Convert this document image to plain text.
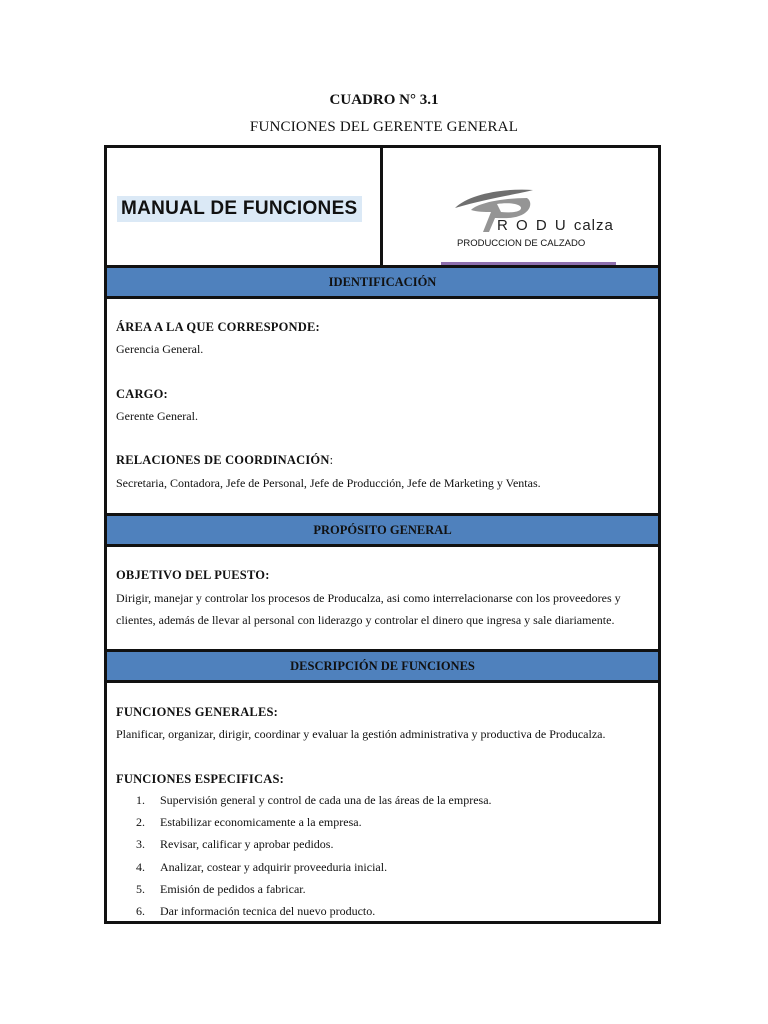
CUADRO N° 3.1
FUNCIONES DEL GERENTE GENERAL
MANUAL DE FUNCIONES
R O D U calza
PRODUCCION DE CALZADO
IDENTIFICACIÓN
ÁREA A LA QUE CORRESPONDE:
Gerencia General.
CARGO:
Gerente General.
RELACIONES DE COORDINACIÓN:
Secretaria, Contadora, Jefe de Personal, Jefe de Producción, Jefe de Marketing y Ventas.
PROPÓSITO GENERAL
OBJETIVO DEL PUESTO:
Dirigir, manejar y controlar los procesos de Producalza, asi como interrelacionarse con los proveedores y
clientes, además de llevar al personal con liderazgo y controlar el dinero que ingresa y sale diariamente.
DESCRIPCIÓN DE FUNCIONES
FUNCIONES GENERALES:
Planificar, organizar, dirigir, coordinar y evaluar la gestión administrativa y productiva de Producalza.
FUNCIONES ESPECIFICAS:
1. Supervisión general y control de cada una de las áreas de la empresa.
2. Estabilizar economicamente a la empresa.
3. Revisar, calificar y aprobar pedidos.
4. Analizar, costear y adquirir proveeduria inicial.
5. Emisión de pedidos a fabricar.
6. Dar información tecnica del nuevo producto.
